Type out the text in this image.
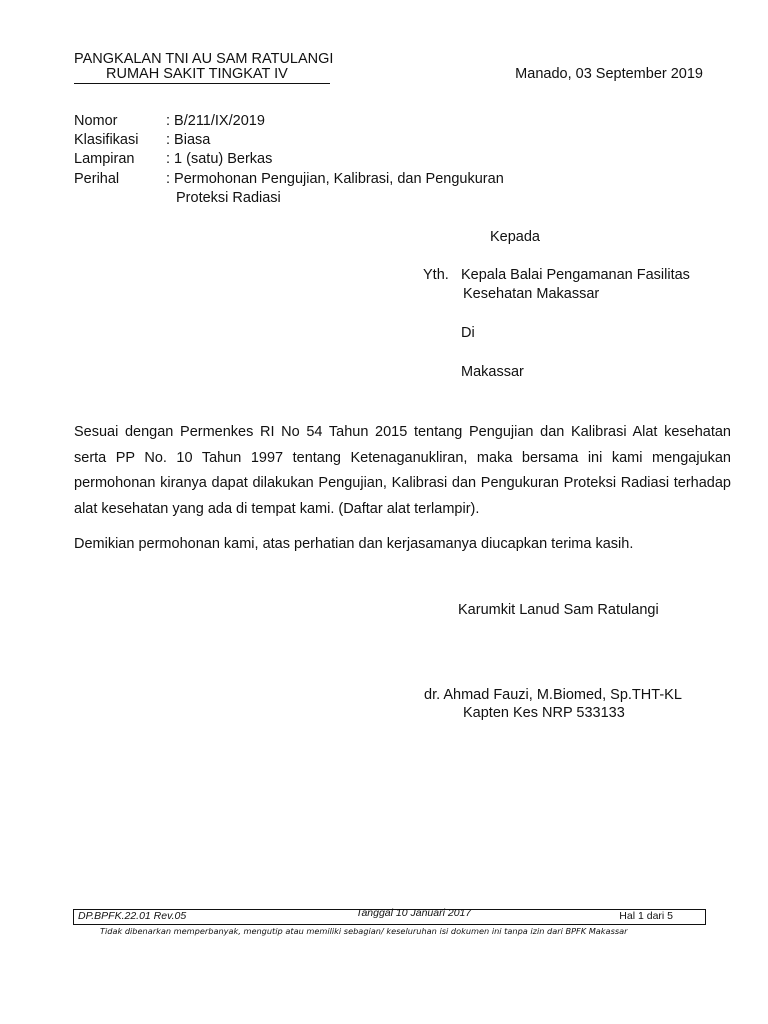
PANGKALAN TNI AU SAM RATULANGI
RUMAH SAKIT TINGKAT IV	Manado, 03 September 2019
Nomor	: B/211/IX/2019
Klasifikasi : Biasa
Lampiran : 1 (satu) Berkas
Perihal	: Permohonan Pengujian, Kalibrasi, dan Pengukuran
Proteksi Radiasi
Kepada
Yth. Kepala Balai Pengamanan Fasilitas
Kesehatan Makassar
Di
Makassar
Sesuai dengan Permenkes RI No 54 Tahun 2015 tentang Pengujian dan Kalibrasi Alat kesehatan serta PP No. 10 Tahun 1997 tentang Ketenaganukliran, maka bersama ini kami mengajukan permohonan kiranya dapat dilakukan Pengujian, Kalibrasi dan Pengukuran Proteksi Radiasi terhadap alat kesehatan yang ada di tempat kami. (Daftar alat terlampir).
Demikian permohonan kami, atas perhatian dan kerjasamanya diucapkan terima kasih.
Karumkit Lanud Sam Ratulangi
dr. Ahmad Fauzi, M.Biomed, Sp.THT-KL
Kapten Kes NRP 533133
DP.BPFK.22.01 Rev.05	Tanggal 10 Januari 2017	Hal 1 dari 5
Tidak dibenarkan memperbanyak, mengutip atau memiliki sebagian/ keseluruhan isi dokumen ini tanpa izin dari BPFK Makassar
